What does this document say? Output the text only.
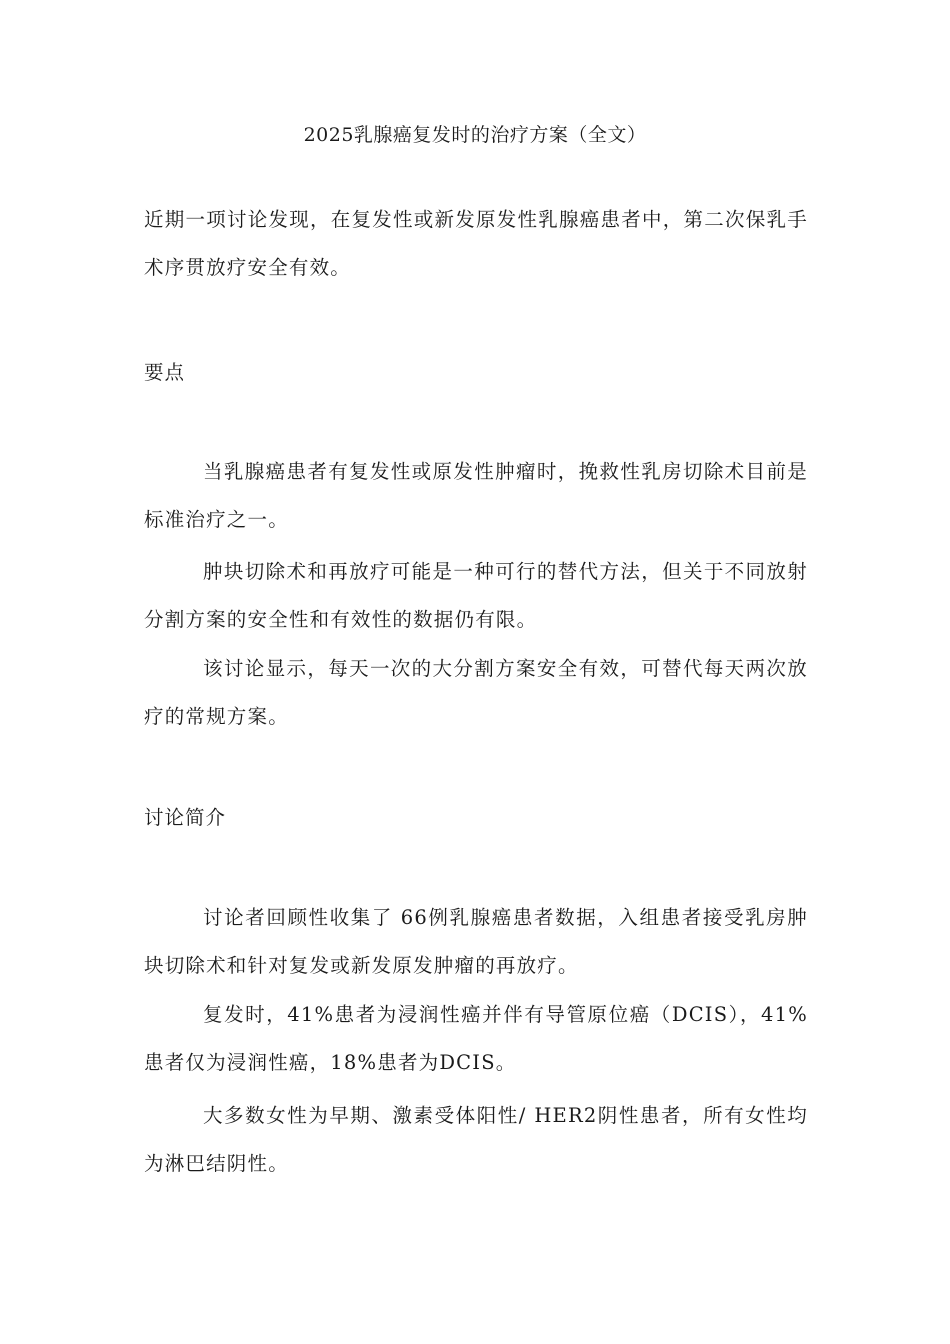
2025乳腺癌复发时的治疗方案（全文）

近期一项讨论发现，在复发性或新发原发性乳腺癌患者中，第二次保乳手术序贯放疗安全有效。

要点

当乳腺癌患者有复发性或原发性肿瘤时，挽救性乳房切除术目前是标准治疗之一。

肿块切除术和再放疗可能是一种可行的替代方法，但关于不同放射分割方案的安全性和有效性的数据仍有限。

该讨论显示，每天一次的大分割方案安全有效，可替代每天两次放疗的常规方案。

讨论简介

讨论者回顾性收集了 66例乳腺癌患者数据，入组患者接受乳房肿块切除术和针对复发或新发原发肿瘤的再放疗。

复发时，41%患者为浸润性癌并伴有导管原位癌（DCIS），41%患者仅为浸润性癌，18%患者为DCIS。

大多数女性为早期、激素受体阳性/ HER2阴性患者，所有女性均为淋巴结阴性。
